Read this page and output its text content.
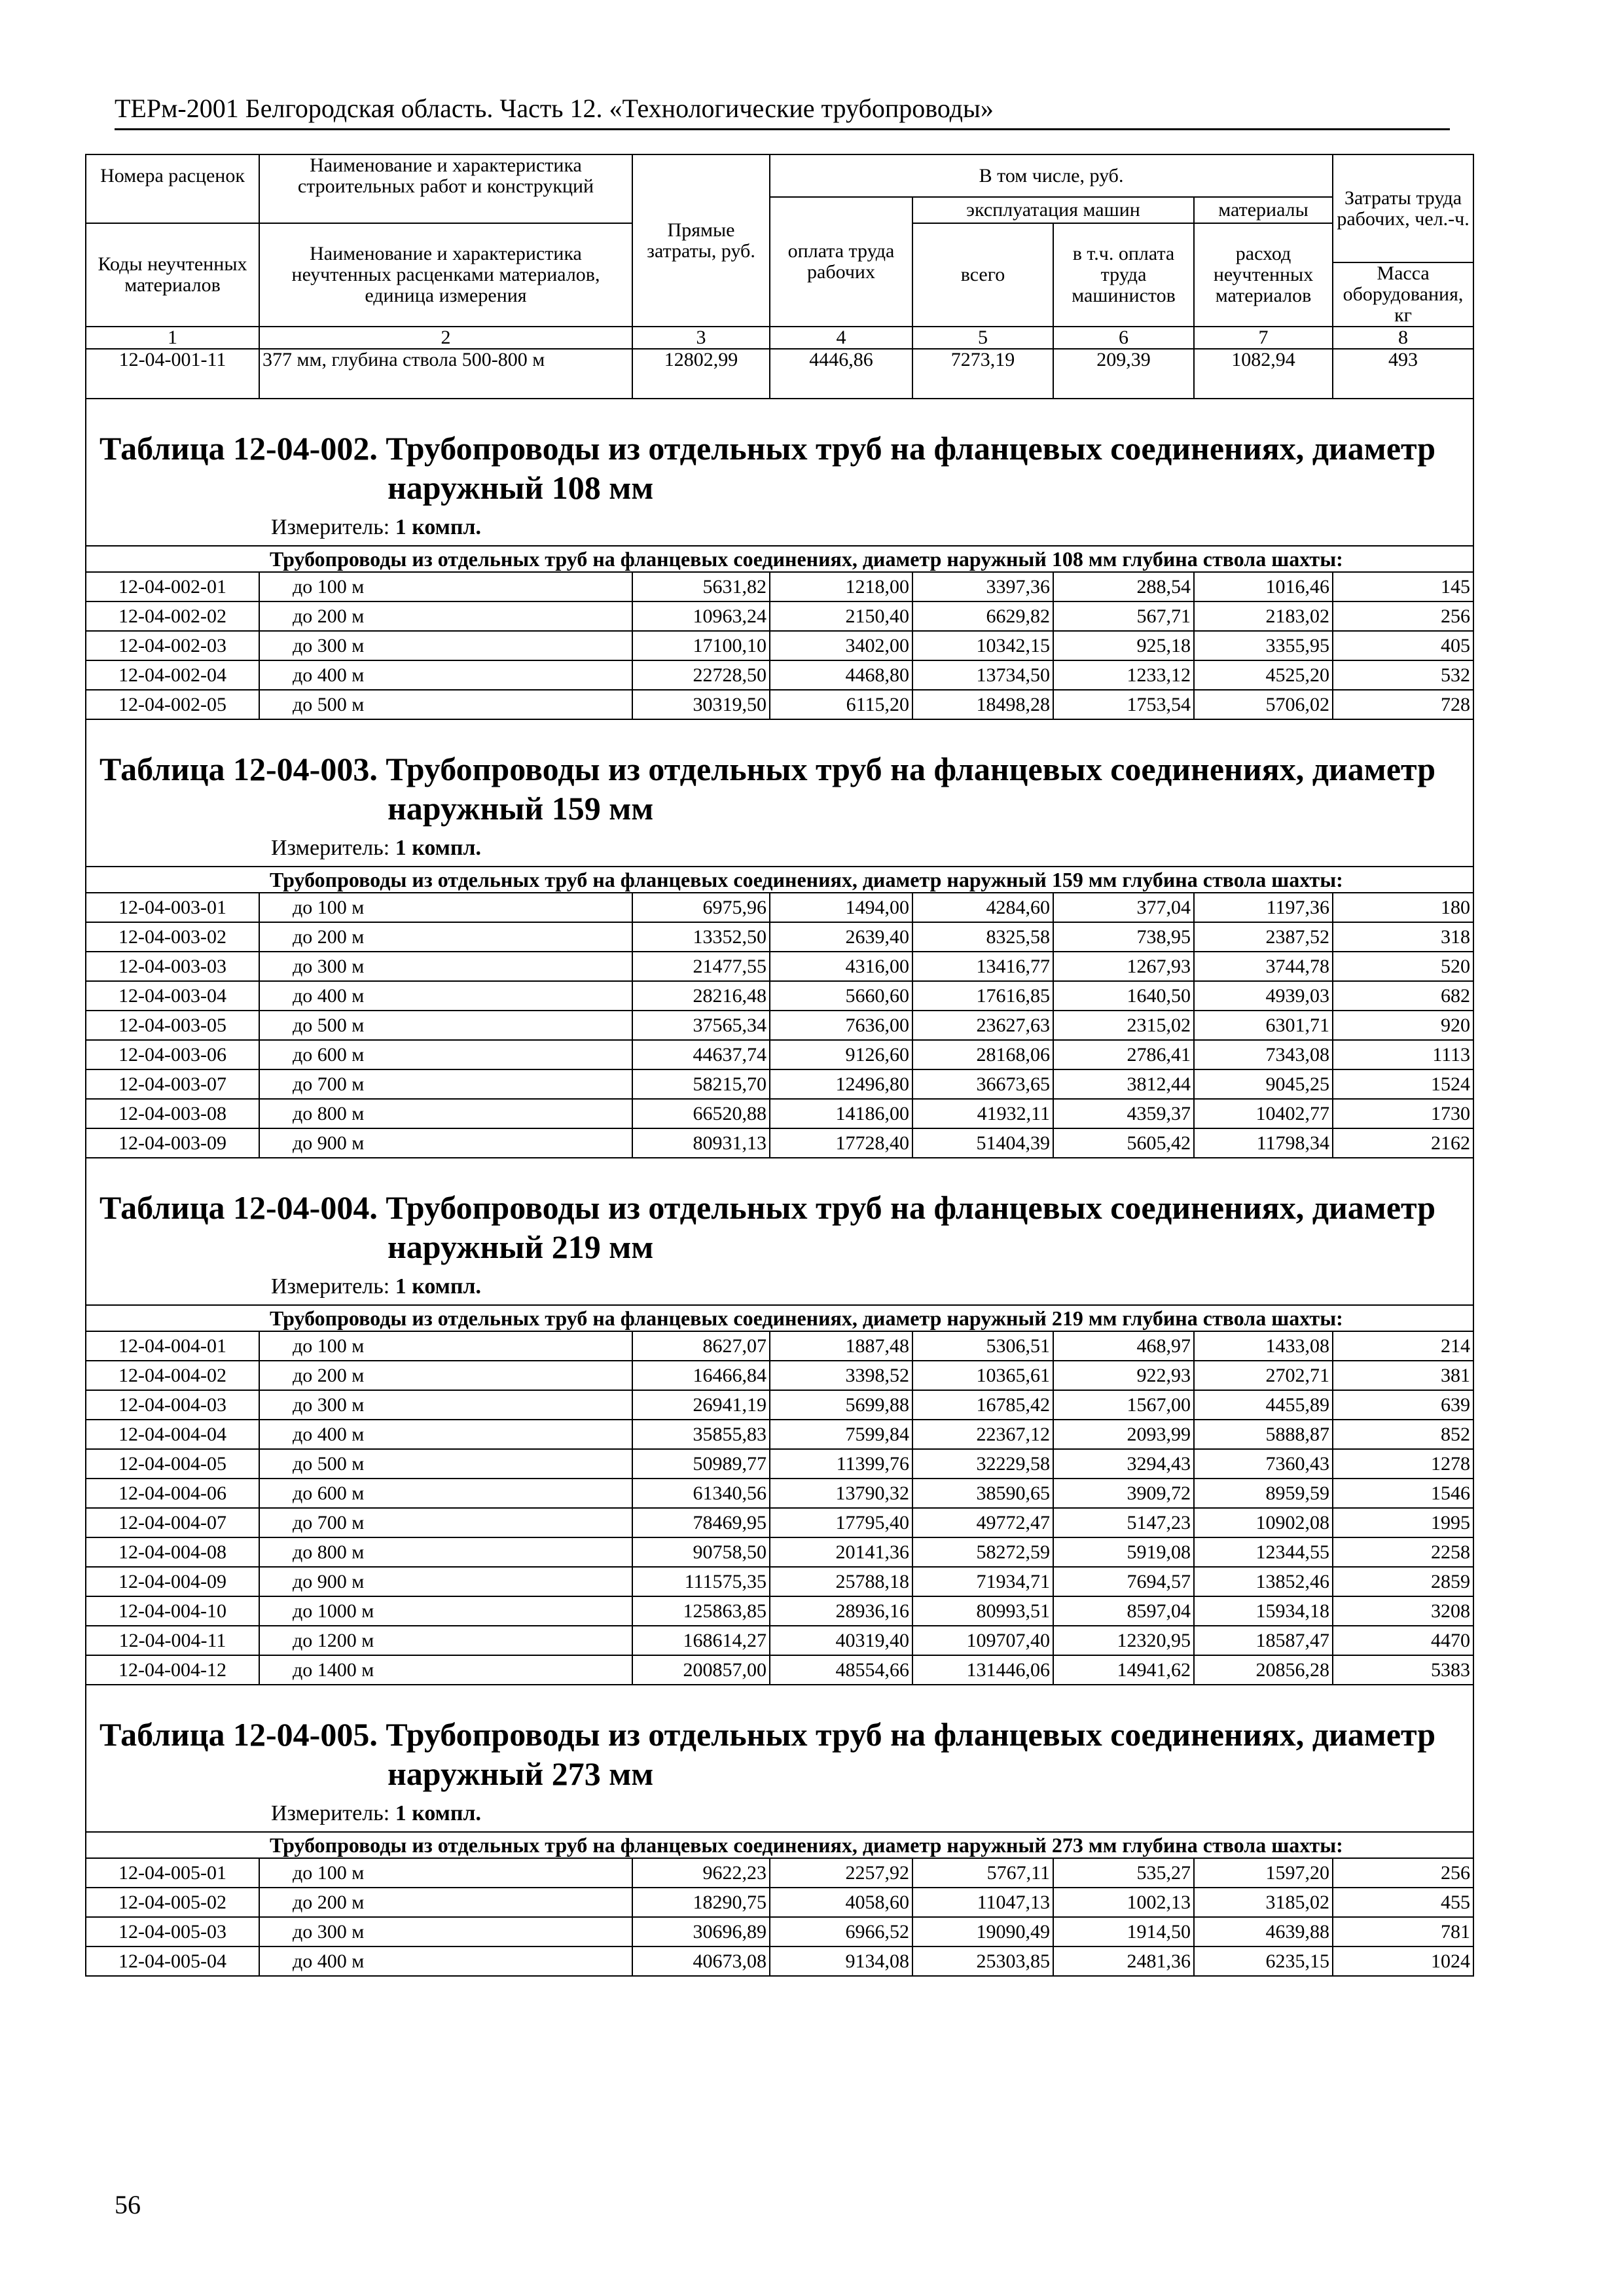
ТЕРм-2001 Белгородская область. Часть 12. «Технологические трубопроводы»
Номера расценок	Наименование и характеристика строительных работ и конструкций	Прямые затраты, руб.	В том числе, руб.				Затраты труда рабочих, чел.-ч.
			оплата труда рабочих	эксплуатация машин		материалы	
Коды неучтенных материалов	Наименование и характеристика неучтенных расценками материалов, единица измерения			всего	в т.ч. оплата труда машинистов	расход неучтенных материалов	
							Масса оборудования, кг
1	2	3	4	5	6	7	8
12-04-001-11	377 мм, глубина ствола 500-800 м	12802,99	4446,86	7273,19	209,39	1082,94	493

Таблица 12-04-002. Трубопроводы из отдельных труб на фланцевых соединениях, диаметр
наружный 108 мм
Измеритель: 1 компл.							

Трубопроводы из отдельных труб на фланцевых соединениях, диаметр наружный 108 мм глубина ствола шахты:							
12-04-002-01	до 100 м	5631,82	1218,00	3397,36	288,54	1016,46	145
12-04-002-02	до 200 м	10963,24	2150,40	6629,82	567,71	2183,02	256
12-04-002-03	до 300 м	17100,10	3402,00	10342,15	925,18	3355,95	405
12-04-002-04	до 400 м	22728,50	4468,80	13734,50	1233,12	4525,20	532
12-04-002-05	до 500 м	30319,50	6115,20	18498,28	1753,54	5706,02	728

Таблица 12-04-003. Трубопроводы из отдельных труб на фланцевых соединениях, диаметр
наружный 159 мм
Измеритель: 1 компл.							

Трубопроводы из отдельных труб на фланцевых соединениях, диаметр наружный 159 мм глубина ствола шахты:							
12-04-003-01	до 100 м	6975,96	1494,00	4284,60	377,04	1197,36	180
12-04-003-02	до 200 м	13352,50	2639,40	8325,58	738,95	2387,52	318
12-04-003-03	до 300 м	21477,55	4316,00	13416,77	1267,93	3744,78	520
12-04-003-04	до 400 м	28216,48	5660,60	17616,85	1640,50	4939,03	682
12-04-003-05	до 500 м	37565,34	7636,00	23627,63	2315,02	6301,71	920
12-04-003-06	до 600 м	44637,74	9126,60	28168,06	2786,41	7343,08	1113
12-04-003-07	до 700 м	58215,70	12496,80	36673,65	3812,44	9045,25	1524
12-04-003-08	до 800 м	66520,88	14186,00	41932,11	4359,37	10402,77	1730
12-04-003-09	до 900 м	80931,13	17728,40	51404,39	5605,42	11798,34	2162

Таблица 12-04-004. Трубопроводы из отдельных труб на фланцевых соединениях, диаметр
наружный 219 мм
Измеритель: 1 компл.							

Трубопроводы из отдельных труб на фланцевых соединениях, диаметр наружный 219 мм глубина ствола шахты:							
12-04-004-01	до 100 м	8627,07	1887,48	5306,51	468,97	1433,08	214
12-04-004-02	до 200 м	16466,84	3398,52	10365,61	922,93	2702,71	381
12-04-004-03	до 300 м	26941,19	5699,88	16785,42	1567,00	4455,89	639
12-04-004-04	до 400 м	35855,83	7599,84	22367,12	2093,99	5888,87	852
12-04-004-05	до 500 м	50989,77	11399,76	32229,58	3294,43	7360,43	1278
12-04-004-06	до 600 м	61340,56	13790,32	38590,65	3909,72	8959,59	1546
12-04-004-07	до 700 м	78469,95	17795,40	49772,47	5147,23	10902,08	1995
12-04-004-08	до 800 м	90758,50	20141,36	58272,59	5919,08	12344,55	2258
12-04-004-09	до 900 м	111575,35	25788,18	71934,71	7694,57	13852,46	2859
12-04-004-10	до 1000 м	125863,85	28936,16	80993,51	8597,04	15934,18	3208
12-04-004-11	до 1200 м	168614,27	40319,40	109707,40	12320,95	18587,47	4470
12-04-004-12	до 1400 м	200857,00	48554,66	131446,06	14941,62	20856,28	5383

Таблица 12-04-005. Трубопроводы из отдельных труб на фланцевых соединениях, диаметр
наружный 273 мм
Измеритель: 1 компл.							

Трубопроводы из отдельных труб на фланцевых соединениях, диаметр наружный 273 мм глубина ствола шахты:							
12-04-005-01	до 100 м	9622,23	2257,92	5767,11	535,27	1597,20	256
12-04-005-02	до 200 м	18290,75	4058,60	11047,13	1002,13	3185,02	455
12-04-005-03	до 300 м	30696,89	6966,52	19090,49	1914,50	4639,88	781
12-04-005-04	до 400 м	40673,08	9134,08	25303,85	2481,36	6235,15	1024
56
